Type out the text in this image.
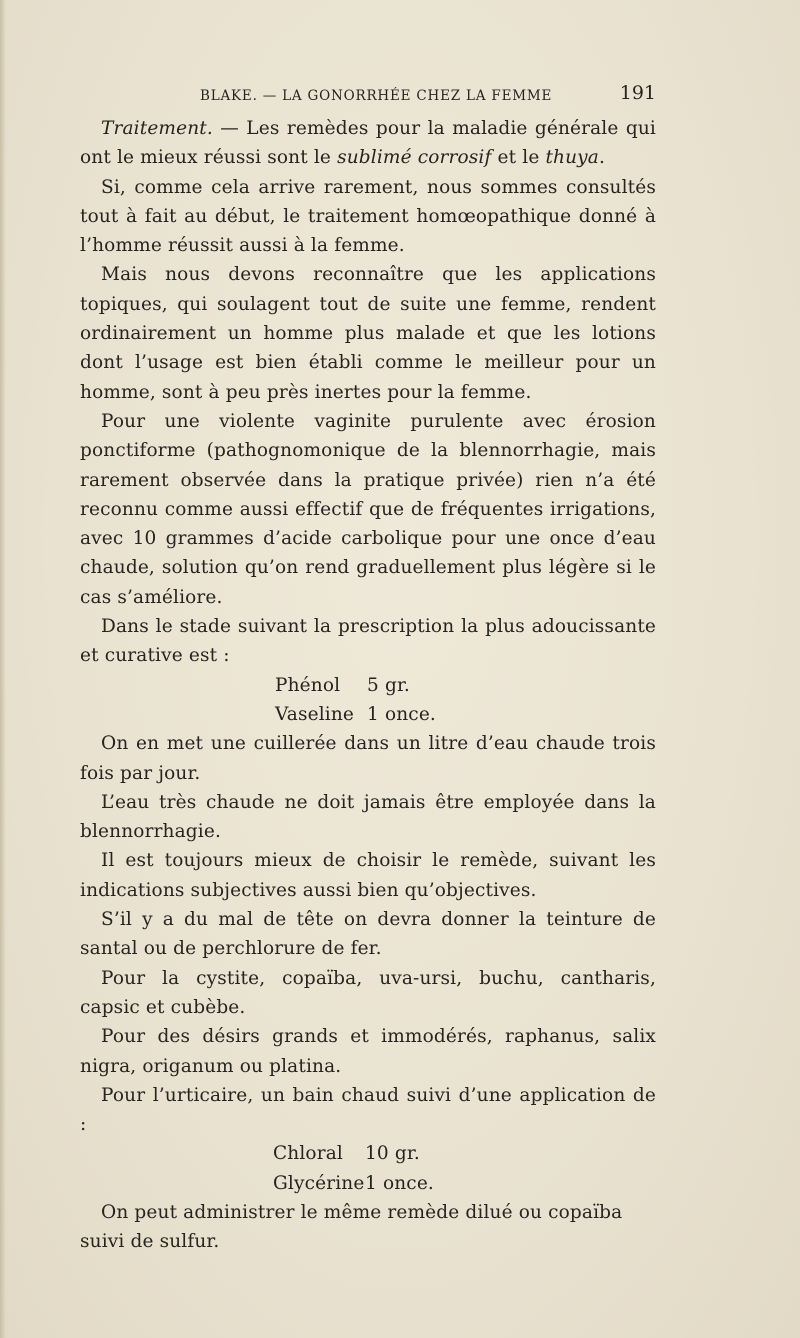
BLAKE. — LA GONORRHÉE CHEZ LA FEMME	191

Traitement. — Les remèdes pour la maladie générale qui ont le mieux réussi sont le sublimé corrosif et le thuya.

Si, comme cela arrive rarement, nous sommes consultés tout à fait au début, le traitement homœopathique donné à l’homme réussit aussi à la femme.

Mais nous devons reconnaître que les applications topiques, qui soulagent tout de suite une femme, rendent ordinairement un homme plus malade et que les lotions dont l’usage est bien établi comme le meilleur pour un homme, sont à peu près inertes pour la femme.

Pour une violente vaginite purulente avec érosion ponctiforme (pathognomonique de la blennorrhagie, mais rarement observée dans la pratique privée) rien n’a été reconnu comme aussi effectif que de fréquentes irrigations, avec 10 grammes d’acide carbolique pour une once d’eau chaude, solution qu’on rend graduellement plus légère si le cas s’améliore.

Dans le stade suivant la prescription la plus adoucissante et curative est :

Phénol 5 gr.

Vaseline 1 once.

On en met une cuillerée dans un litre d’eau chaude trois fois par jour.

L’eau très chaude ne doit jamais être employée dans la blennorrhagie.

Il est toujours mieux de choisir le remède, suivant les indications subjectives aussi bien qu’objectives.

S’il y a du mal de tête on devra donner la teinture de santal ou de perchlorure de fer.

Pour la cystite, copaïba, uva-ursi, buchu, cantharis, capsic et cubèbe.

Pour des désirs grands et immodérés, raphanus, salix nigra, origanum ou platina.

Pour l’urticaire, un bain chaud suivi d’une application de :

Chloral 10 gr.

Glycérine1 once.

On peut administrer le même remède dilué ou copaïba suivi de sulfur.
